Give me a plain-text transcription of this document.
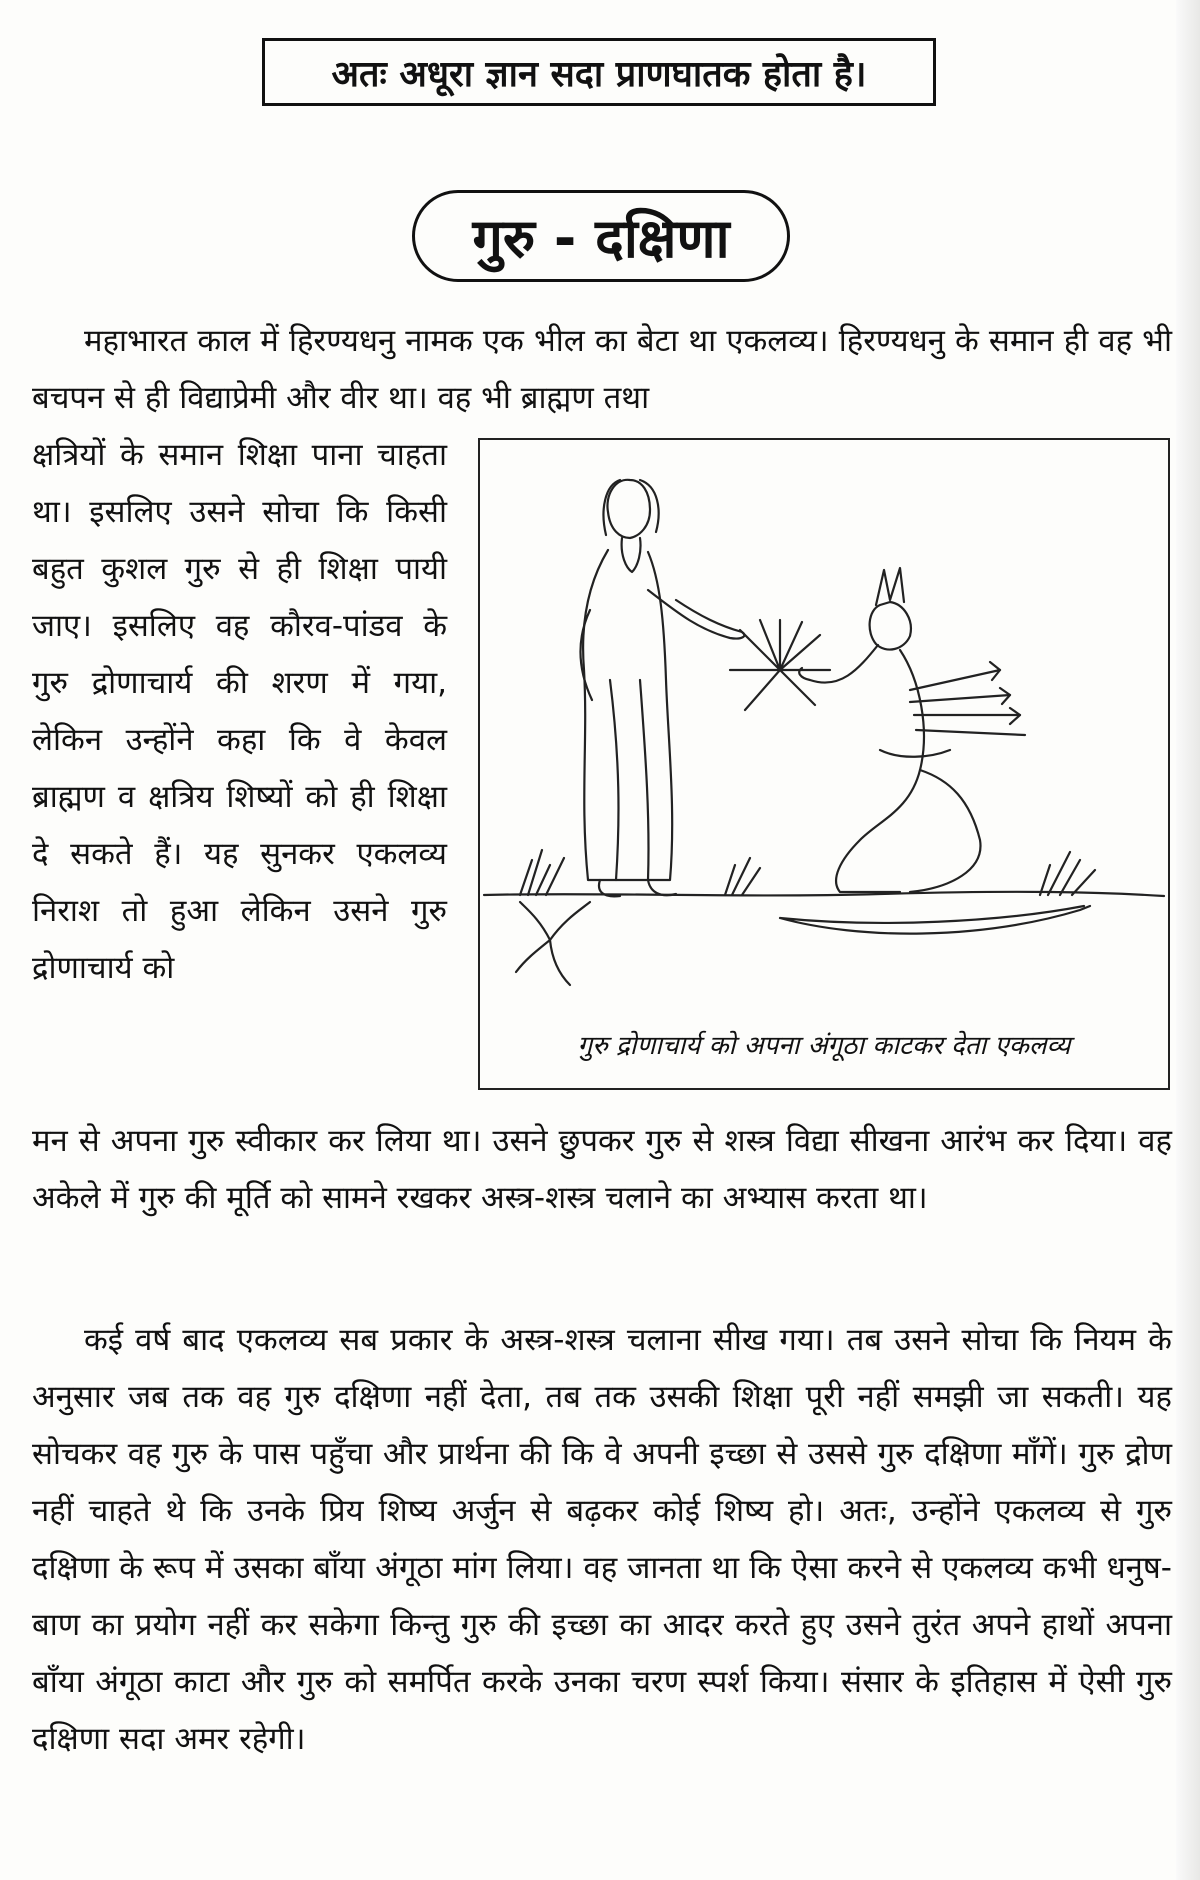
अतः अधूरा ज्ञान सदा प्राणघातक होता है।
गुरु - दक्षिणा

महाभारत काल में हिरण्यधनु नामक एक भील का बेटा था एकलव्य। हिरण्यधनु के समान ही वह भी बचपन से ही विद्याप्रेमी और वीर था। वह भी ब्राह्मण तथा

क्षत्रियों के समान शिक्षा पाना चाहता था। इसलिए उसने सोचा कि किसी बहुत कुशल गुरु से ही शिक्षा पायी जाए। इसलिए वह कौरव-पांडव के गुरु द्रोणाचार्य की शरण में गया, लेकिन उन्होंने कहा कि वे केवल ब्राह्मण व क्षत्रिय शिष्यों को ही शिक्षा दे सकते हैं। यह सुनकर एकलव्य निराश तो हुआ लेकिन उसने गुरु द्रोणाचार्य को

गुरु द्रोणाचार्य को अपना अंगूठा काटकर देता एकलव्य

मन से अपना गुरु स्वीकार कर लिया था। उसने छुपकर गुरु से शस्त्र विद्या सीखना आरंभ कर दिया। वह अकेले में गुरु की मूर्ति को सामने रखकर अस्त्र-शस्त्र चलाने का अभ्यास करता था।

कई वर्ष बाद एकलव्य सब प्रकार के अस्त्र-शस्त्र चलाना सीख गया। तब उसने सोचा कि नियम के अनुसार जब तक वह गुरु दक्षिणा नहीं देता, तब तक उसकी शिक्षा पूरी नहीं समझी जा सकती। यह सोचकर वह गुरु के पास पहुँचा और प्रार्थना की कि वे अपनी इच्छा से उससे गुरु दक्षिणा माँगें। गुरु द्रोण नहीं चाहते थे कि उनके प्रिय शिष्य अर्जुन से बढ़कर कोई शिष्य हो। अतः, उन्होंने एकलव्य से गुरु दक्षिणा के रूप में उसका बाँया अंगूठा मांग लिया। वह जानता था कि ऐसा करने से एकलव्य कभी धनुष-बाण का प्रयोग नहीं कर सकेगा किन्तु गुरु की इच्छा का आदर करते हुए उसने तुरंत अपने हाथों अपना बाँया अंगूठा काटा और गुरु को समर्पित करके उनका चरण स्पर्श किया। संसार के इतिहास में ऐसी गुरु दक्षिणा सदा अमर रहेगी।
